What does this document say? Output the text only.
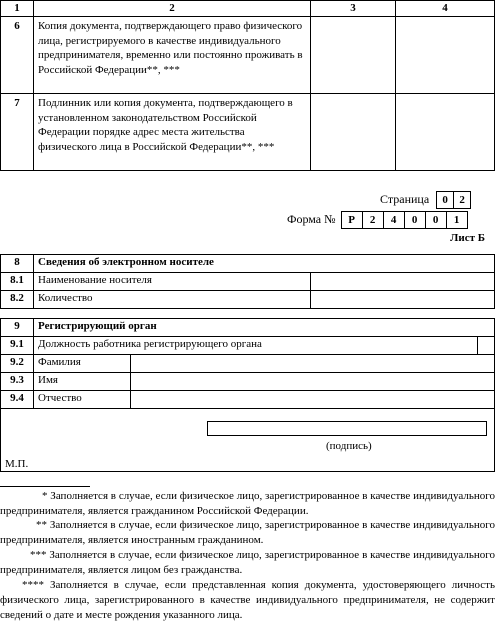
1	2	3	4
6	Копия документа, подтверждающего право физического лица, регистрируемого в качестве индивидуального предпринимателя, временно или постоянно проживать в Российской Федерации**, ***		
7	Подлинник или копия документа, подтверждающего в установленном законодательством Российской Федерации порядке адрес места жительства физического лица в Российской Федерации**, ***		
Страница 0 2
Форма № Р 2 4 0 0 1
Лист Б
8	Сведения об электронном носителе	
8.1	Наименование носителя	
8.2	Количество	
9	Регистрирующий орган		
9.1	Должность работника регистрирующего органа		
9.2	Фамилия		
9.3	Имя		
9.4	Отчество		

(подпись)
М.П.			
* Заполняется в случае, если физическое лицо, зарегистрированное в качестве индивидуального предпринимателя, является гражданином Российской Федерации.
** Заполняется в случае, если физическое лицо, зарегистрированное в качестве индивидуального предпринимателя, является иностранным гражданином.
*** Заполняется в случае, если физическое лицо, зарегистрированное в качестве индивидуального предпринимателя, является лицом без гражданства.
**** Заполняется в случае, если представленная копия документа, удостоверяющего личность физического лица, зарегистрированного в качестве индивидуального предпринимателя, не содержит сведений о дате и месте рождения указанного лица.
